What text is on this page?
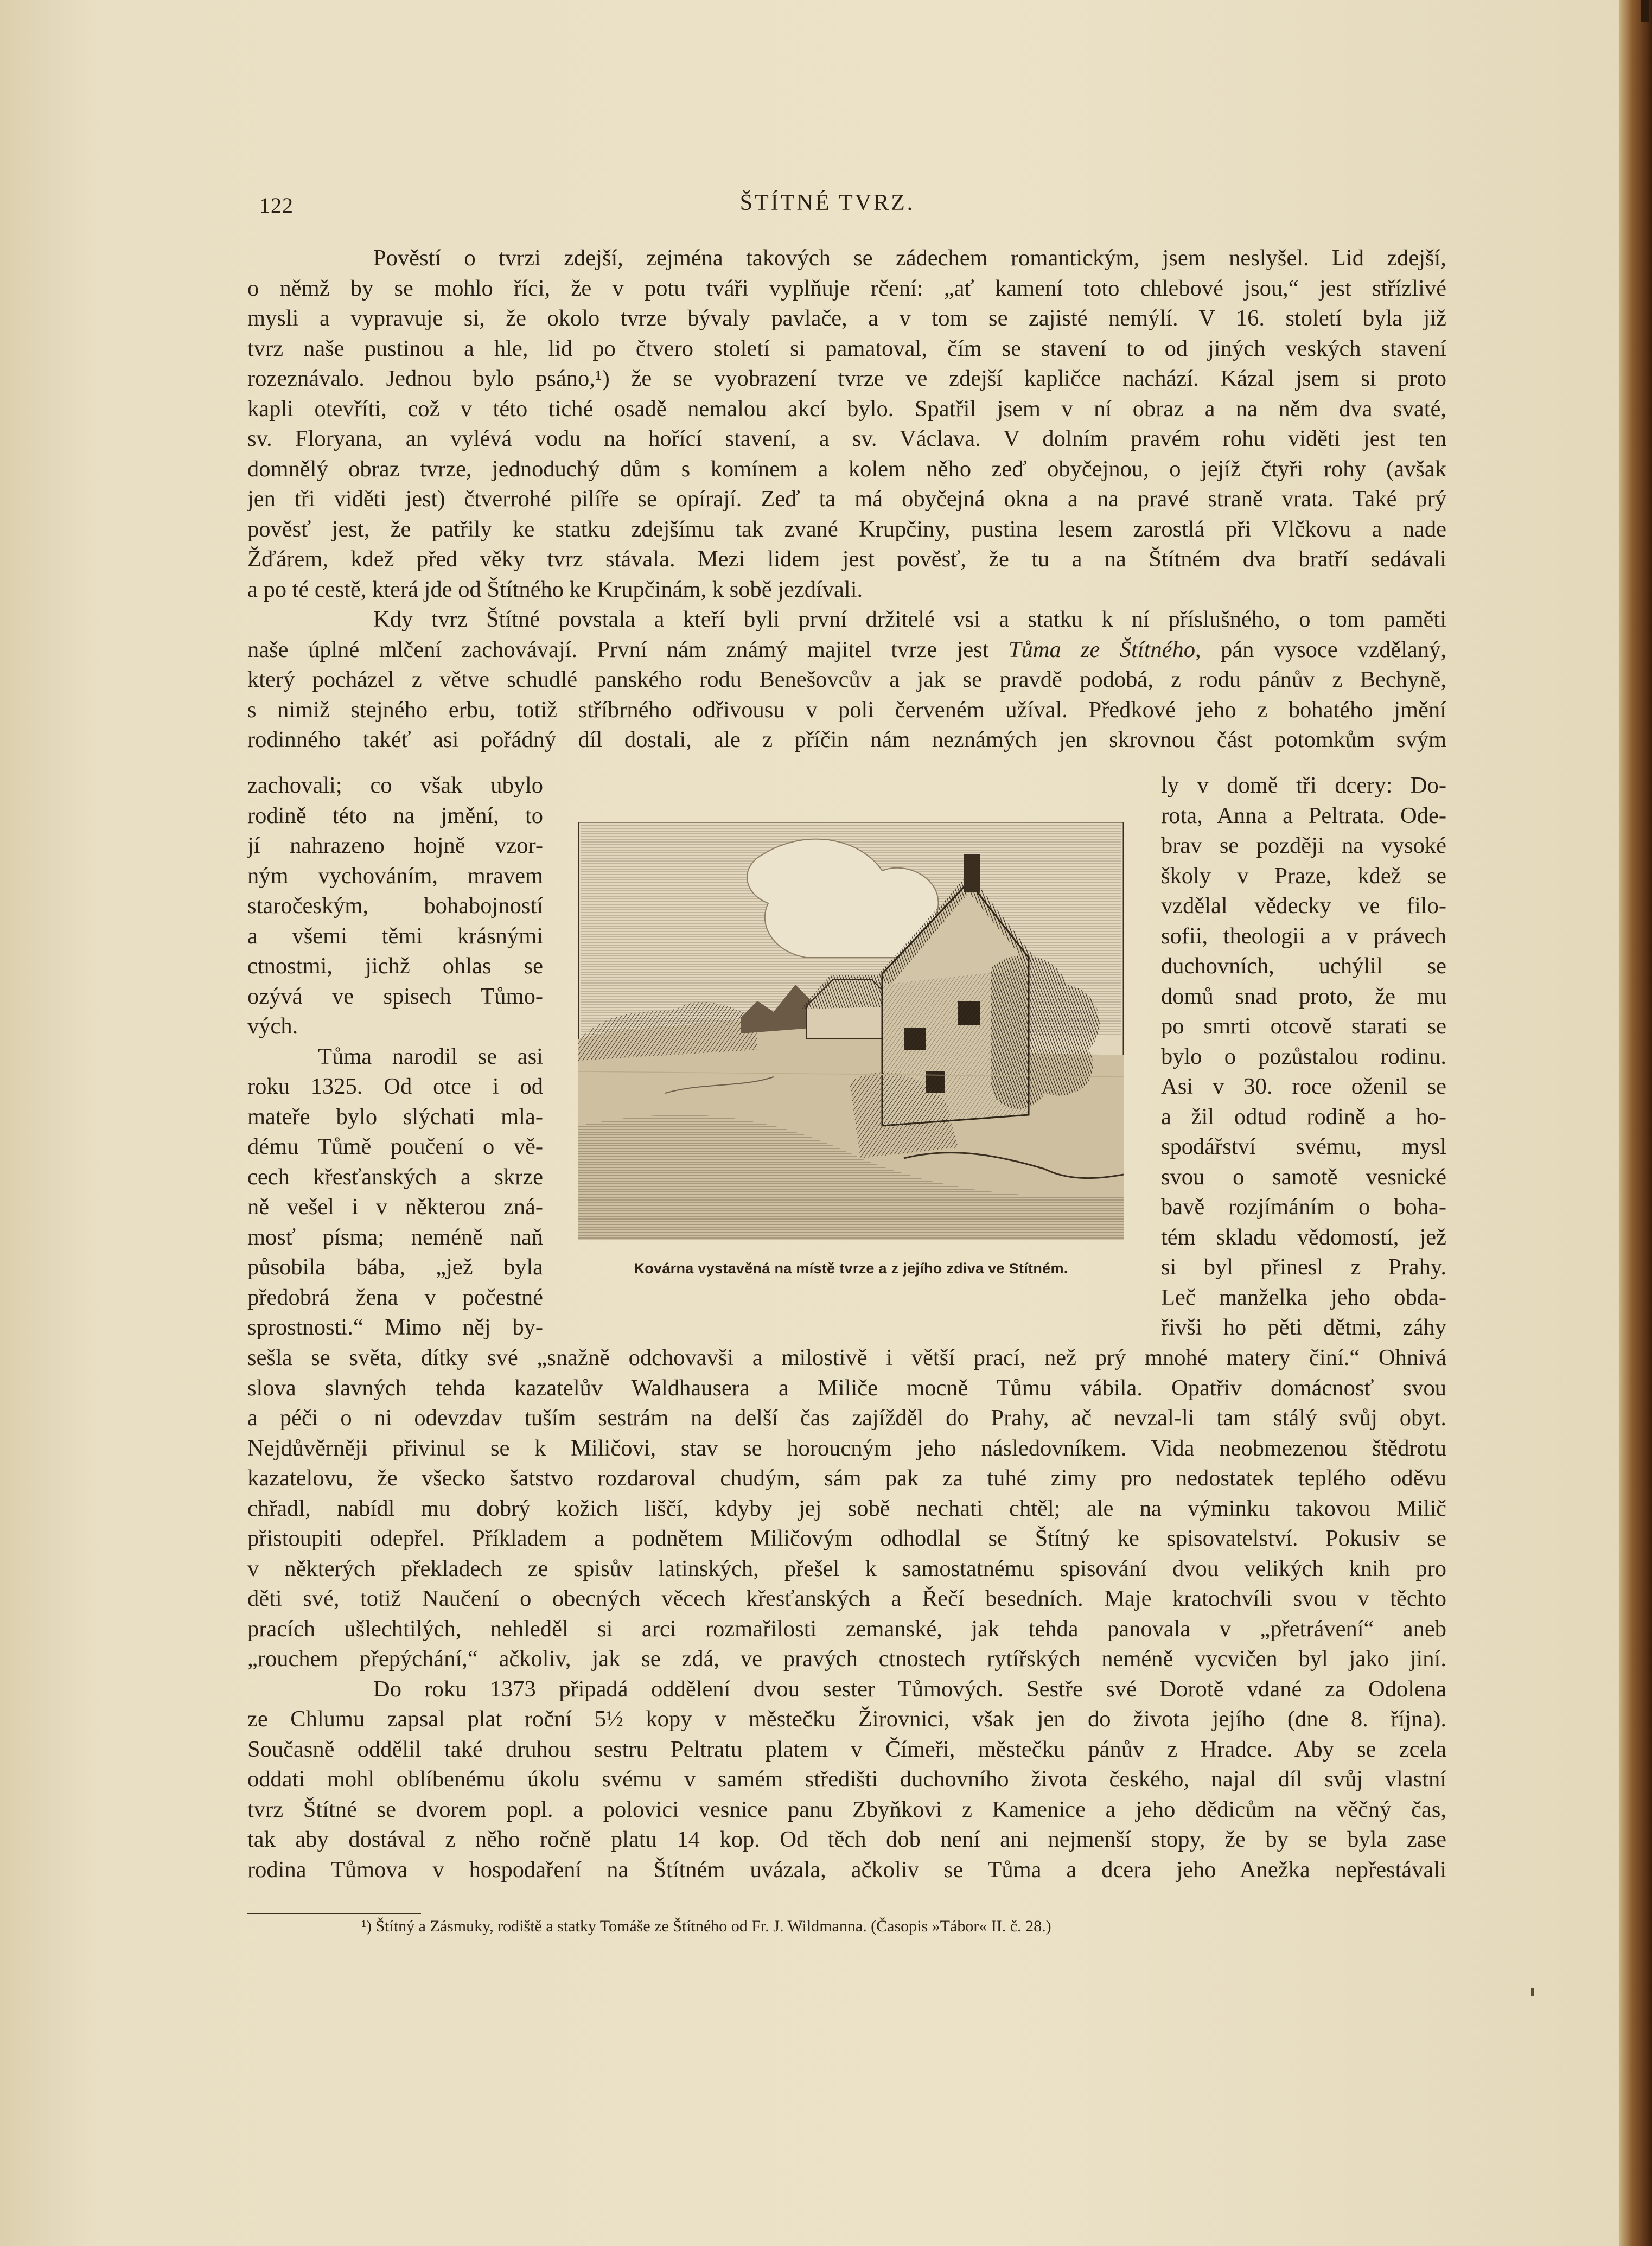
122	ŠTÍTNÉ TVRZ.
Pověstí o tvrzi zdejší, zejména takových se zádechem romantickým, jsem neslyšel. Lid zdejší,
o němž by se mohlo říci, že v potu tváři vyplňuje rčení: „ať kamení toto chlebové jsou,“ jest střízlivé
mysli a vypravuje si, že okolo tvrze bývaly pavlače, a v tom se zajisté nemýlí. V 16. století byla již
tvrz naše pustinou a hle, lid po čtvero století si pamatoval, čím se stavení to od jiných veských stavení
rozeznávalo. Jednou bylo psáno,¹) že se vyobrazení tvrze ve zdejší kapličce nachází. Kázal jsem si proto
kapli otevříti, což v této tiché osadě nemalou akcí bylo. Spatřil jsem v ní obraz a na něm dva svaté,
sv. Floryana, an vylévá vodu na hořící stavení, a sv. Václava. V dolním pravém rohu viděti jest ten
domnělý obraz tvrze, jednoduchý dům s komínem a kolem něho zeď obyčejnou, o jejíž čtyři rohy (avšak
jen tři viděti jest) čtverrohé pilíře se opírají. Zeď ta má obyčejná okna a na pravé straně vrata. Také prý
pověsť jest, že patřily ke statku zdejšímu tak zvané Krupčiny, pustina lesem zarostlá při Vlčkovu a nade
Žďárem, kdež před věky tvrz stávala. Mezi lidem jest pověsť, že tu a na Štítném dva bratří sedávali
a po té cestě, která jde od Štítného ke Krupčinám, k sobě jezdívali.
Kdy tvrz Štítné povstala a kteří byli první držitelé vsi a statku k ní příslušného, o tom paměti
naše úplné mlčení zachovávají. První nám známý majitel tvrze jest Tůma ze Štítného, pán vysoce vzdělaný,
který pocházel z větve schudlé panského rodu Benešovcův a jak se pravdě podobá, z rodu pánův z Bechyně,
s nimiž stejného erbu, totiž stříbrného odřivousu v poli červeném užíval. Předkové jeho z bohatého jmění
rodinného takéť asi pořádný díl dostali, ale z příčin nám neznámých jen skrovnou část potomkům svým
zachovali; co však ubylo
rodině této na jmění, to
jí nahrazeno hojně vzor-
ným vychováním, mravem
staročeským, bohabojností
a všemi těmi krásnými
ctnostmi, jichž ohlas se
ozývá ve spisech Tůmo-
vých.
Tůma narodil se asi
roku 1325. Od otce i od
mateře bylo slýchati mla-
dému Tůmě poučení o vě-
cech křesťanských a skrze
ně vešel i v některou zná-
mosť písma; neméně naň
působila bába, „jež byla
předobrá žena v počestné
sprostnosti.“ Mimo něj by-
Kovárna vystavěná na místě tvrze a z jejího zdiva ve Stítném.
ly v domě tři dcery: Do-
rota, Anna a Peltrata. Ode-
brav se později na vysoké
školy v Praze, kdež se
vzdělal vědecky ve filo-
sofii, theologii a v právech
duchovních, uchýlil se
domů snad proto, že mu
po smrti otcově starati se
bylo o pozůstalou rodinu.
Asi v 30. roce oženil se
a žil odtud rodině a ho-
spodářství svému, mysl
svou o samotě vesnické
bavě rozjímáním o boha-
tém skladu vědomostí, jež
si byl přinesl z Prahy.
Leč manželka jeho obda-
řivši ho pěti dětmi, záhy
sešla se světa, dítky své „snažně odchovavši a milostivě i větší prací, než prý mnohé matery činí.“ Ohnivá
slova slavných tehda kazatelův Waldhausera a Miliče mocně Tůmu vábila. Opatřiv domácnosť svou
a péči o ni odevzdav tuším sestrám na delší čas zajížděl do Prahy, ač nevzal-li tam stálý svůj obyt.
Nejdůvěrněji přivinul se k Miličovi, stav se horoucným jeho následovníkem. Vida neobmezenou štědrotu
kazatelovu, že všecko šatstvo rozdaroval chudým, sám pak za tuhé zimy pro nedostatek teplého oděvu
chřadl, nabídl mu dobrý kožich liščí, kdyby jej sobě nechati chtěl; ale na výminku takovou Milič
přistoupiti odepřel. Příkladem a podnětem Miličovým odhodlal se Štítný ke spisovatelství. Pokusiv se
v některých překladech ze spisův latinských, přešel k samostatnému spisování dvou velikých knih pro
děti své, totiž Naučení o obecných věcech křesťanských a Řečí besedních. Maje kratochvíli svou v těchto
pracích ušlechtilých, nehleděl si arci rozmařilosti zemanské, jak tehda panovala v „přetrávení“ aneb
„rouchem přepýchání,“ ačkoliv, jak se zdá, ve pravých ctnostech rytířských neméně vycvičen byl jako jiní.
Do roku 1373 připadá oddělení dvou sester Tůmových. Sestře své Dorotě vdané za Odolena
ze Chlumu zapsal plat roční 5½ kopy v městečku Žirovnici, však jen do života jejího (dne 8. října).
Současně oddělil také druhou sestru Peltratu platem v Čímeři, městečku pánův z Hradce. Aby se zcela
oddati mohl oblíbenému úkolu svému v samém středišti duchovního života českého, najal díl svůj vlastní
tvrz Štítné se dvorem popl. a polovici vesnice panu Zbyňkovi z Kamenice a jeho dědicům na věčný čas,
tak aby dostával z něho ročně platu 14 kop. Od těch dob není ani nejmenší stopy, že by se byla zase
rodina Tůmova v hospodaření na Štítném uvázala, ačkoliv se Tůma a dcera jeho Anežka nepřestávali
¹) Štítný a Zásmuky, rodiště a statky Tomáše ze Štítného od Fr. J. Wildmanna. (Časopis »Tábor« II. č. 28.)
